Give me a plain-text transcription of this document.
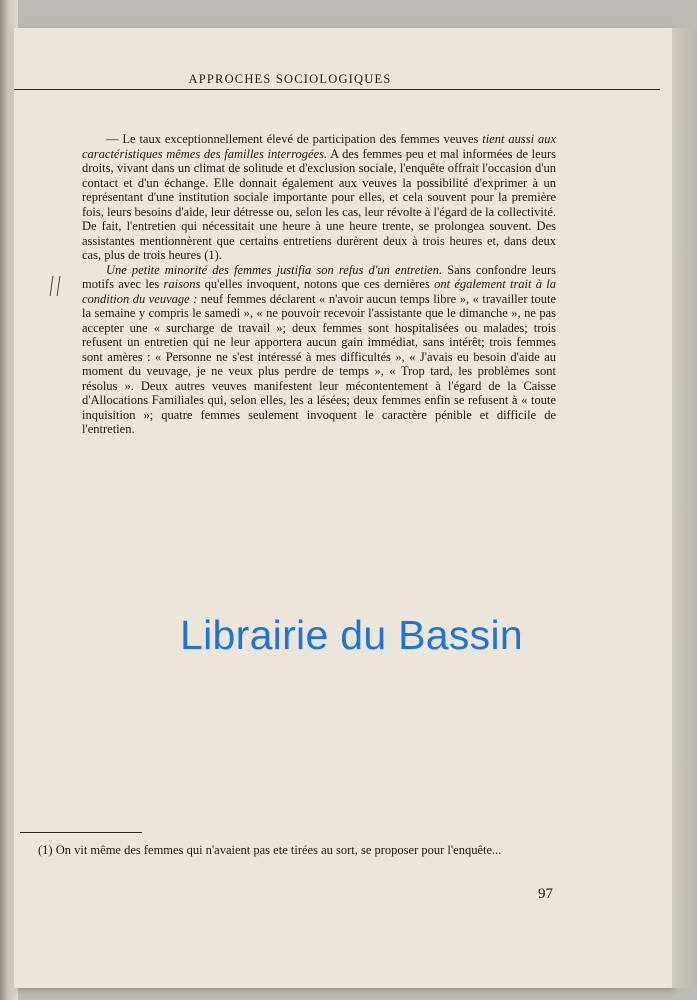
APPROCHES SOCIOLOGIQUES

— Le taux exceptionnellement élevé de participation des femmes veuves tient aussi aux caractéristiques mêmes des familles interrogées. A des femmes peu et mal informées de leurs droits, vivant dans un climat de solitude et d'exclusion sociale, l'enquête offrait l'occasion d'un contact et d'un échange. Elle donnait également aux veuves la possibilité d'exprimer à un représentant d'une institution sociale importante pour elles, et cela souvent pour la première fois, leurs besoins d'aide, leur détresse ou, selon les cas, leur révolte à l'égard de la collectivité. De fait, l'entretien qui nécessitait une heure à une heure trente, se prolongea souvent. Des assistantes mentionnèrent que certains entretiens durèrent deux à trois heures et, dans deux cas, plus de trois heures (1).

Une petite minorité des femmes justifia son refus d'un entretien. Sans confondre leurs motifs avec les raisons qu'elles invoquent, notons que ces dernières ont également trait à la condition du veuvage : neuf femmes déclarent « n'avoir aucun temps libre », « travailler toute la semaine y compris le samedi », « ne pouvoir recevoir l'assistante que le dimanche », ne pas accepter une « surcharge de travail »; deux femmes sont hospitalisées ou malades; trois refusent un entretien qui ne leur apportera aucun gain immédiat, sans intérêt; trois femmes sont amères : « Personne ne s'est intéressé à mes difficultés », « J'avais eu besoin d'aide au moment du veuvage, je ne veux plus perdre de temps », « Trop tard, les problèmes sont résolus ». Deux autres veuves manifestent leur mécontentement à l'égard de la Caisse d'Allocations Familiales qui, selon elles, les a lésées; deux femmes enfin se refusent à « toute inquisition »; quatre femmes seulement invoquent le caractère pénible et difficile de l'entretien.

Librairie du Bassin

(1) On vit même des femmes qui n'avaient pas ete tirées au sort, se proposer pour l'enquête...

97
